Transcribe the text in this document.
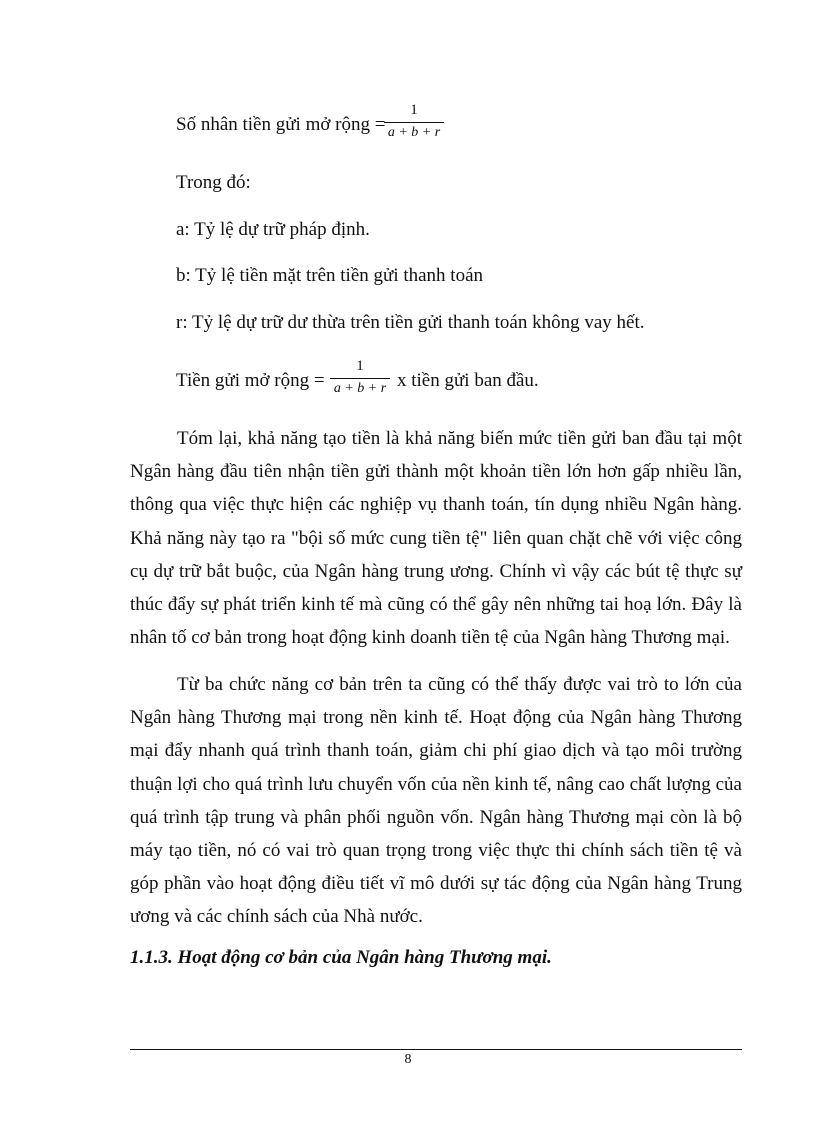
Số nhân tiền gửi mở rộng =
1
a + b + r
Trong đó:
a: Tỷ lệ dự trữ pháp định.
b: Tỷ lệ tiền mặt trên tiền gửi thanh toán
r: Tỷ lệ dự trữ dư thừa trên tiền gửi thanh toán không vay hết.
Tiền gửi mở rộng =
1
a + b + r x tiền gửi ban đầu.
Tóm lại, khả năng tạo tiền là khả năng biến mức tiền gửi ban đầu tại một Ngân hàng đầu tiên nhận tiền gửi thành một khoản tiền lớn hơn gấp nhiều lần, thông qua việc thực hiện các nghiệp vụ thanh toán, tín dụng nhiều Ngân hàng. Khả năng này tạo ra "bội số mức cung tiền tệ" liên quan chặt chẽ với việc công cụ dự trữ bắt buộc, của Ngân hàng trung ương. Chính vì vậy các bút tệ thực sự thúc đẩy sự phát triển kinh tế mà cũng có thể gây nên những tai hoạ lớn. Đây là nhân tố cơ bản trong hoạt động kinh doanh tiền tệ của Ngân hàng Thương mại.
Từ ba chức năng cơ bản trên ta cũng có thể thấy được vai trò to lớn của Ngân hàng Thương mại trong nền kinh tế. Hoạt động của Ngân hàng Thương mại đẩy nhanh quá trình thanh toán, giảm chi phí giao dịch và tạo môi trường thuận lợi cho quá trình lưu chuyển vốn của nền kinh tế, nâng cao chất lượng của quá trình tập trung và phân phối nguồn vốn. Ngân hàng Thương mại còn là bộ máy tạo tiền, nó có vai trò quan trọng trong việc thực thi chính sách tiền tệ và góp phần vào hoạt động điều tiết vĩ mô dưới sự tác động của Ngân hàng Trung ương và các chính sách của Nhà nước.
1.1.3. Hoạt động cơ bản của Ngân hàng Thương mại.
8
